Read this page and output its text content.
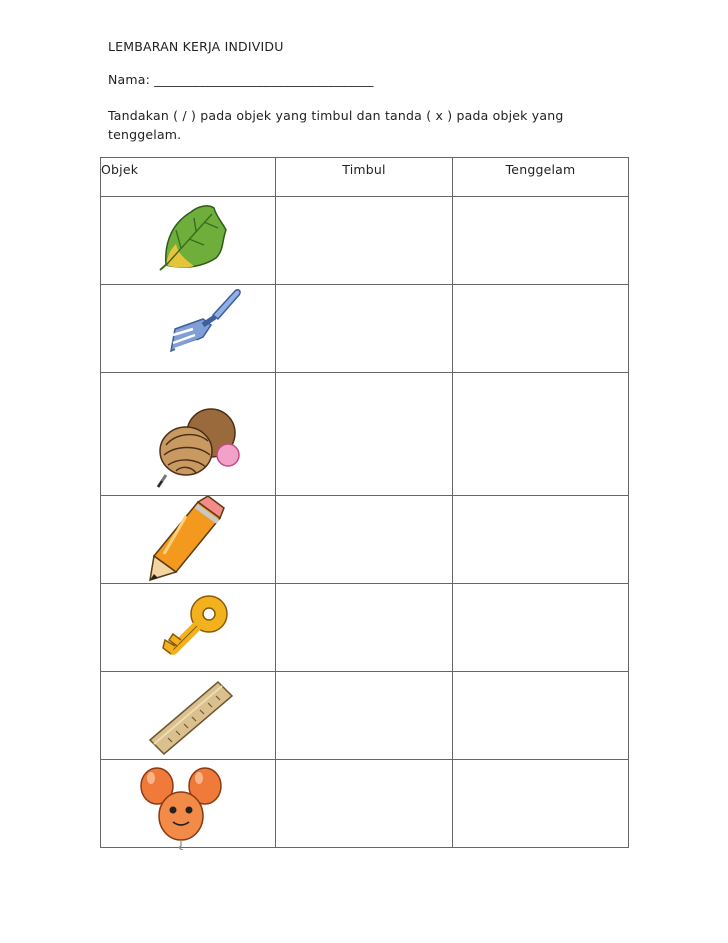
LEMBARAN KERJA INDIVIDU
Nama: __________________________________
Tandakan ( / ) pada objek yang timbul dan tanda ( x ) pada objek yang tenggelam.
Objek	Timbul	Tenggelam
